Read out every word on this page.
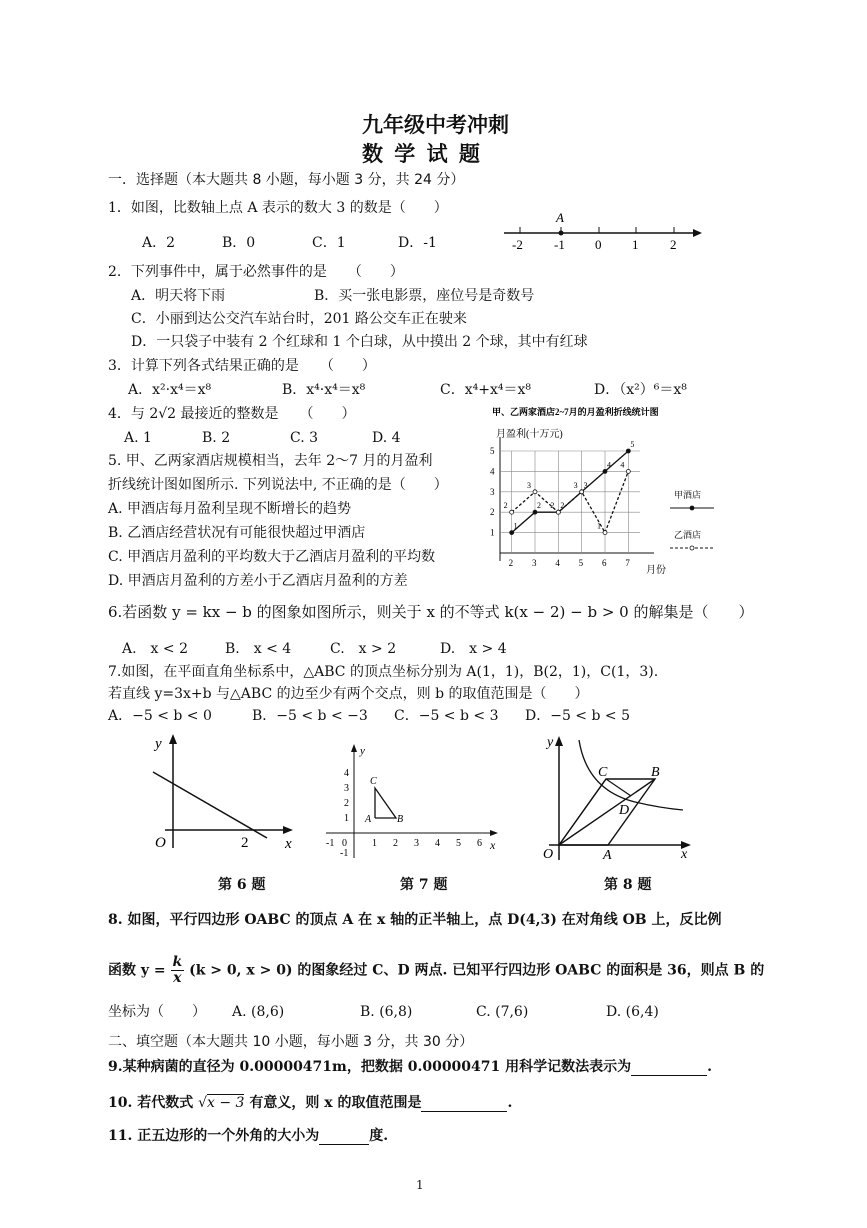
九年级中考冲刺
数 学 试 题
一．选择题（本大题共 8 小题，每小题 3 分，共 24 分）
1．如图，比数轴上点 A 表示的数大 3 的数是（　　）
A．2	B．0	C．1	D．-1
A
-2 -1 0 1 2
2．下列事件中，属于必然事件的是　　（　　）
A．明天将下雨	B．买一张电影票，座位号是奇数号
C．小丽到达公交汽车站台时，201 路公交车正在驶来
D．一只袋子中装有 2 个红球和 1 个白球，从中摸出 2 个球，其中有红球
3．计算下列各式结果正确的是　　（　　）
A．x²·x⁴＝x⁸	B．x⁴·x⁴＝x⁸	C．x⁴+x⁴＝x⁸	D．（x²）⁶＝x⁸
4．与 2√2 最接近的整数是　　（　　）
A. 1	B. 2	C. 3	D. 4
5. 甲、乙两家酒店规模相当，去年 2～7 月的月盈利
折线统计图如图所示. 下列说法中, 不正确的是（　　）
A. 甲酒店每月盈利呈现不断增长的趋势
B. 乙酒店经营状况有可能很快超过甲酒店
C. 甲酒店月盈利的平均数大于乙酒店月盈利的平均数
D. 甲酒店月盈利的方差小于乙酒店月盈利的方差
甲、乙两家酒店2~7月的月盈利折线统计图
月盈利(十万元)
月份
1
2 2
3
4
5
2
3
2
3
1
4
1
2
3
4
5
2 3 4 5 6 7
甲酒店
乙酒店
6.若函数 y = kx − b 的图象如图所示，则关于 x 的不等式 k(x − 2) − b > 0 的解集是（　　）
A.　x < 2	B.　x < 4	C.　x > 2	D.　x > 4
7.如图，在平面直角坐标系中，△ABC 的顶点坐标分别为 A(1，1)，B(2，1)，C(1，3).
若直线 y=3x+b 与△ABC 的边至少有两个交点，则 b 的取值范围是（　　）
A．−5 < b < 0	B．−5 < b < −3 C．−5 < b < 3 D．−5 < b < 5
y
x
O	2
第 6 题
y
x
-1 0	1 2 3 4 5 6
4
3
2
1
-1
A	B
C
第 7 题
y
x
O	A
B
C
D
第 8 题
8. 如图，平行四边形 OABC 的顶点 A 在 x 轴的正半轴上，点 D(4,3) 在对角线 OB 上，反比例
函数 $y = \frac{k}{x} (k > 0$, x > 0) 的图象经过 C、D 两点. 已知平行四边形 OABC 的面积是 36，则点 B 的
坐标为（　　） A. (8,6)	B. (6,8)	C. (7,6)	D. (6,4)
二、填空题（本大题共 10 小题，每小题 3 分，共 30 分）
9.某种病菌的直径为 0.00000471m，把数据 0.00000471 用科学记数法表示为	.
10. 若代数式 √x − 3 有意义，则 x 的取值范围是	.
11. 正五边形的一个外角的大小为	度.
1
